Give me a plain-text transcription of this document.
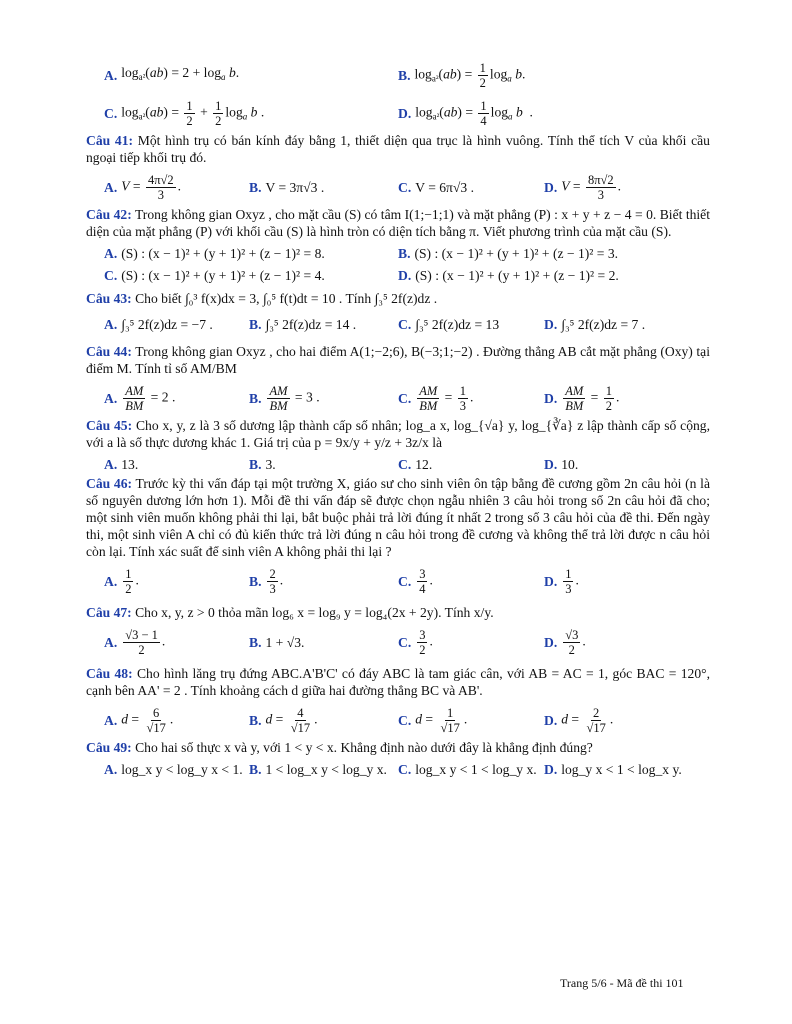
A. $\log_{a^2}(ab) = 2 + \log_a b$.	B. $\log_{a^2}(ab) = \frac{1}{2} \log_a b$.
C. $\log_{a^2}(ab) = \frac{1}{2} + \frac{1}{2} \log_a b$ .	D. $\log_{a^2}(ab) = \frac{1}{4} \log_a b$  .
Câu 41: Một hình trụ có bán kính đáy bằng 1, thiết diện qua trục là hình vuông. Tính thể tích V của khối cầu ngoại tiếp khối trụ đó.
A. $V = \frac{4\pi√2}{3}$ .	B. V = 3π√3 .	C. V = 6π√3 .	D. $V = \frac{8\pi√2}{3}$ .
Câu 42: Trong không gian Oxyz , cho mặt cầu (S) có tâm I(1;−1;1) và mặt phẳng (P) : x + y + z − 4 = 0. Biết thiết diện của mặt phẳng (P) với khối cầu (S) là hình tròn có diện tích bằng π. Viết phương trình của mặt cầu (S).
A. (S) : (x − 1)² + (y + 1)² + (z − 1)² = 8.	B. (S) : (x − 1)² + (y + 1)² + (z − 1)² = 3.
C. (S) : (x − 1)² + (y + 1)² + (z − 1)² = 4.	D. (S) : (x − 1)² + (y + 1)² + (z − 1)² = 2.
Câu 43: Cho biết ∫₀³ f(x)dx = 3, ∫₀⁵ f(t)dt = 10 . Tính ∫₃⁵ 2f(z)dz .
A. ∫₃⁵ 2f(z)dz = −7 .	B. ∫₃⁵ 2f(z)dz = 14 .	C. ∫₃⁵ 2f(z)dz = 13	D. ∫₃⁵ 2f(z)dz = 7 .
Câu 44: Trong không gian Oxyz , cho hai điểm A(1;−2;6), B(−3;1;−2) . Đường thẳng AB cắt mặt phẳng (Oxy) tại điểm M. Tính tỉ số AM/BM
A. $\frac{AM}{BM} = 2$ .	B. $\frac{AM}{BM} = 3$ .	C. $\frac{AM}{BM} = \frac{1}{3}$ .	D. $\frac{AM}{BM} = \frac{1}{2}$ .
Câu 45: Cho x, y, z là 3 số dương lập thành cấp số nhân; log_a x, log_{√a} y, log_{∛a} z lập thành cấp số cộng, với a là số thực dương khác 1. Giá trị của p = 9x/y + y/z + 3z/x là
A. 13.	B. 3.	C. 12.	D. 10.
Câu 46: Trước kỳ thi vấn đáp tại một trường X, giáo sư cho sinh viên ôn tập bằng đề cương gồm 2n câu hỏi (n là số nguyên dương lớn hơn 1). Mỗi đề thi vấn đáp sẽ được chọn ngẫu nhiên 3 câu hỏi trong số 2n câu hỏi đã cho; một sinh viên muốn không phải thi lại, bắt buộc phải trả lời đúng ít nhất 2 trong số 3 câu hỏi của đề thi. Đến ngày thi, một sinh viên A chỉ có đủ kiến thức trả lời đúng n câu hỏi trong đề cương và không thể trả lời được n câu hỏi còn lại. Tính xác suất để sinh viên A không phải thi lại ?
A. $\frac{1}{2}$ .	B. $\frac{2}{3}$ .	C. $\frac{3}{4}$ .	D. $\frac{1}{3}$ .
Câu 47: Cho x, y, z > 0 thỏa mãn log₆ x = log₉ y = log₄(2x + 2y). Tính x/y.
A. $\frac{√3 - 1}{2}$ .	B. 1 + √3.	C. $\frac{3}{2}$ .	D. $\frac{√3}{2}$ .
Câu 48: Cho hình lăng trụ đứng ABC.A'B'C' có đáy ABC là tam giác cân, với AB = AC = 1, góc BAC = 120°, cạnh bên AA' = 2 . Tính khoảng cách d giữa hai đường thẳng BC và AB'.
A. $d = \frac{6}{√17}$ .	B. $d = \frac{4}{√17}$ .	C. $d = \frac{1}{√17}$ .	D. $d = \frac{2}{√17}$ .
Câu 49: Cho hai số thực x và y, với 1 < y < x. Khẳng định nào dưới đây là khẳng định đúng?
A. log_x y < log_y x < 1. B. 1 < log_x y < log_y x. C. log_x y < 1 < log_y x. D. log_y x < 1 < log_x y.
Trang 5/6 - Mã đề thi 101
